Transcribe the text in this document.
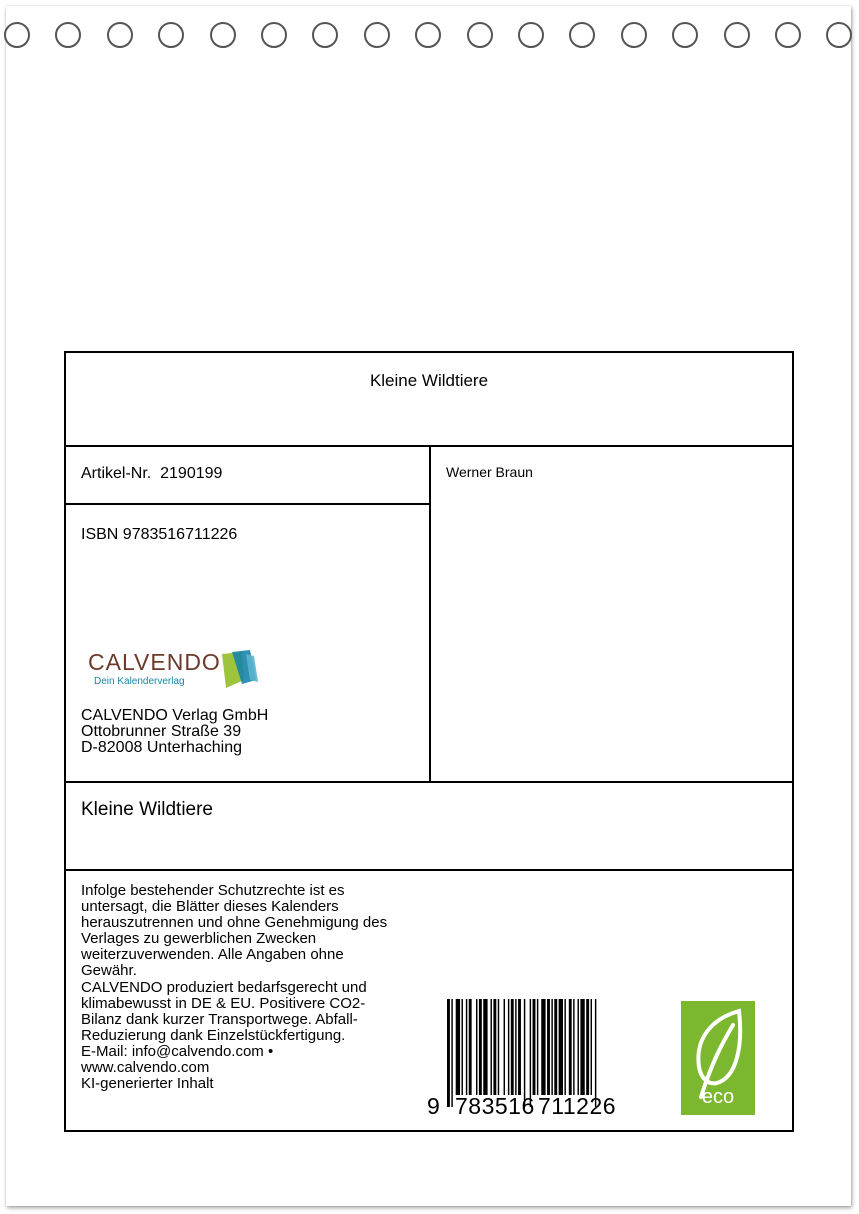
Kleine Wildtiere
Artikel-Nr. 2190199	Werner Braun
ISBN 9783516711226
CALVENDO
Dein Kalenderverlag
CALVENDO Verlag GmbH
Ottobrunner Straße 39
D-82008 Unterhaching
Kleine Wildtiere
Infolge bestehender Schutzrechte ist es
untersagt, die Blätter dieses Kalenders
herauszutrennen und ohne Genehmigung des
Verlages zu gewerblichen Zwecken
weiterzuverwenden. Alle Angaben ohne
Gewähr.
CALVENDO produziert bedarfsgerecht und
klimabewusst in DE & EU. Positivere CO2-
Bilanz dank kurzer Transportwege. Abfall-
Reduzierung dank Einzelstückfertigung.
E-Mail: info@calvendo.com •
www.calvendo.com
KI-generierter Inhalt
9 783516 711226	eco
